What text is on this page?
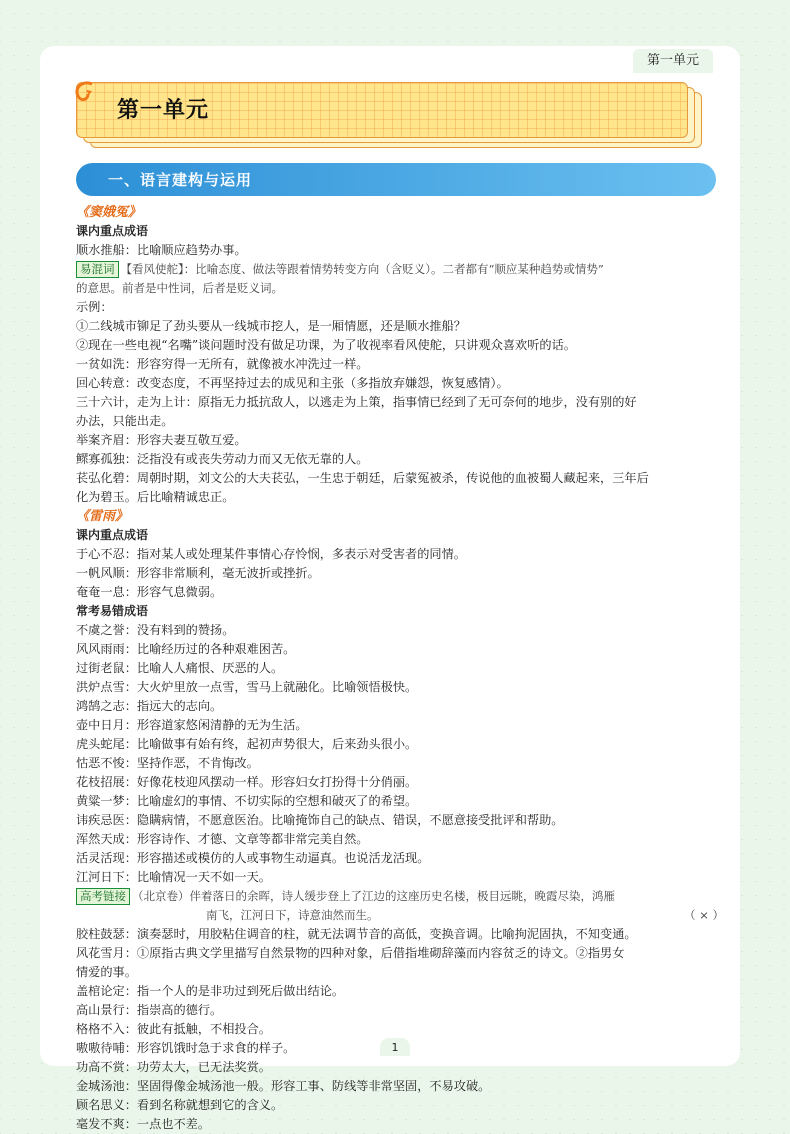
第一单元
第一单元
一、语言建构与运用

《窦娥冤》

课内重点成语

顺水推船：比喻顺应趋势办事。

易混词 【看风使舵】：比喻态度、做法等跟着情势转变方向（含贬义）。二者都有“顺应某种趋势或情势”

的意思。前者是中性词，后者是贬义词。

示例：

①二线城市铆足了劲头要从一线城市挖人，是一厢情愿，还是顺水推船？

②现在一些电视“名嘴”谈问题时没有做足功课，为了收视率看风使舵，只讲观众喜欢听的话。

一贫如洗：形容穷得一无所有，就像被水冲洗过一样。

回心转意：改变态度，不再坚持过去的成见和主张（多指放弃嫌怨，恢复感情）。

三十六计，走为上计：原指无力抵抗敌人，以逃走为上策，指事情已经到了无可奈何的地步，没有别的好

办法，只能出走。

举案齐眉：形容夫妻互敬互爱。

鳏寡孤独：泛指没有或丧失劳动力而又无依无靠的人。

苌弘化碧：周朝时期，刘文公的大夫苌弘，一生忠于朝廷，后蒙冤被杀，传说他的血被蜀人藏起来，三年后

化为碧玉。后比喻精诚忠正。

《雷雨》

课内重点成语

于心不忍：指对某人或处理某件事情心存怜悯，多表示对受害者的同情。

一帆风顺：形容非常顺利，毫无波折或挫折。

奄奄一息：形容气息微弱。

常考易错成语

不虞之誉：没有料到的赞扬。

风风雨雨：比喻经历过的各种艰难困苦。

过街老鼠：比喻人人痛恨、厌恶的人。

洪炉点雪：大火炉里放一点雪，雪马上就融化。比喻领悟极快。

鸿鹄之志：指远大的志向。

壶中日月：形容道家悠闲清静的无为生活。

虎头蛇尾：比喻做事有始有终，起初声势很大，后来劲头很小。

怙恶不悛：坚持作恶，不肯悔改。

花枝招展：好像花枝迎风摆动一样。形容妇女打扮得十分俏丽。

黄粱一梦：比喻虚幻的事情、不切实际的空想和破灭了的希望。

讳疾忌医：隐瞒病情，不愿意医治。比喻掩饰自己的缺点、错误，不愿意接受批评和帮助。

浑然天成：形容诗作、才德、文章等都非常完美自然。

活灵活现：形容描述或模仿的人或事物生动逼真。也说活龙活现。

江河日下：比喻情况一天不如一天。

高考链接 （北京卷）伴着落日的余晖，诗人缓步登上了江边的这座历史名楼，极目远眺，晚霞尽染，鸿雁

南飞，江河日下，诗意油然而生。	（ × ）

胶柱鼓瑟：演奏瑟时，用胶粘住调音的柱，就无法调节音的高低，变换音调。比喻拘泥固执，不知变通。

风花雪月：①原指古典文学里描写自然景物的四种对象，后借指堆砌辞藻而内容贫乏的诗文。②指男女

情爱的事。

盖棺论定：指一个人的是非功过到死后做出结论。

高山景行：指崇高的德行。

格格不入：彼此有抵触，不相投合。

嗷嗷待哺：形容饥饿时急于求食的样子。

功高不赏：功劳太大，已无法奖赏。

金城汤池：坚固得像金城汤池一般。形容工事、防线等非常坚固，不易攻破。

顾名思义：看到名称就想到它的含义。

毫发不爽：一点也不差。

1
